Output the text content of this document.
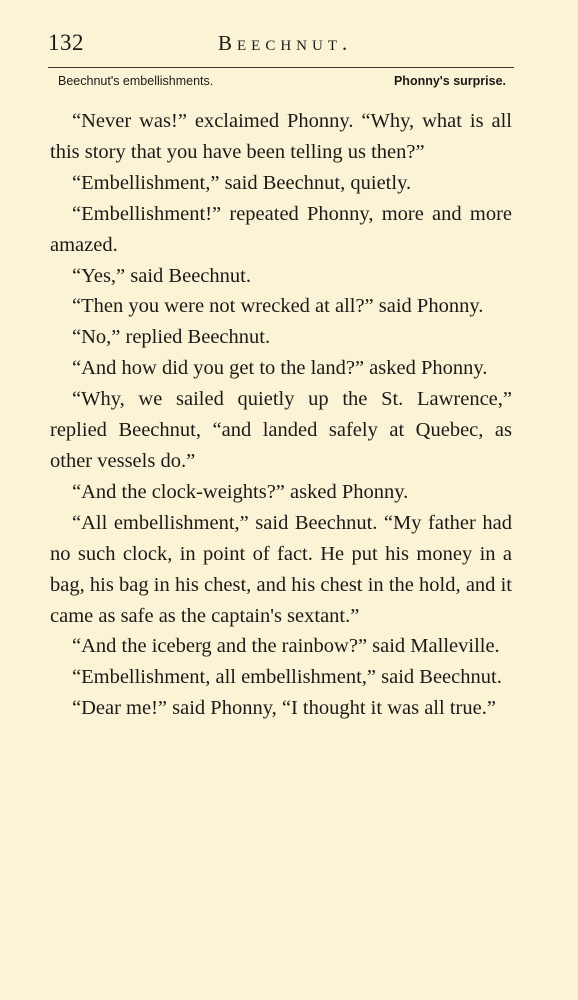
132	Beechnut.
Beechnut's embellishments.	Phonny's surprise.

“Never was!” exclaimed Phonny. “Why, what is all this story that you have been telling us then?”

“Embellishment,” said Beechnut, quietly.

“Embellishment!” repeated Phonny, more and more amazed.

“Yes,” said Beechnut.

“Then you were not wrecked at all?” said Phonny.

“No,” replied Beechnut.

“And how did you get to the land?” asked Phonny.

“Why, we sailed quietly up the St. Lawrence,” replied Beechnut, “and landed safely at Quebec, as other vessels do.”

“And the clock-weights?” asked Phonny.

“All embellishment,” said Beechnut. “My father had no such clock, in point of fact. He put his money in a bag, his bag in his chest, and his chest in the hold, and it came as safe as the captain's sextant.”

“And the iceberg and the rainbow?” said Malleville.

“Embellishment, all embellishment,” said Beechnut.

“Dear me!” said Phonny, “I thought it was all true.”
